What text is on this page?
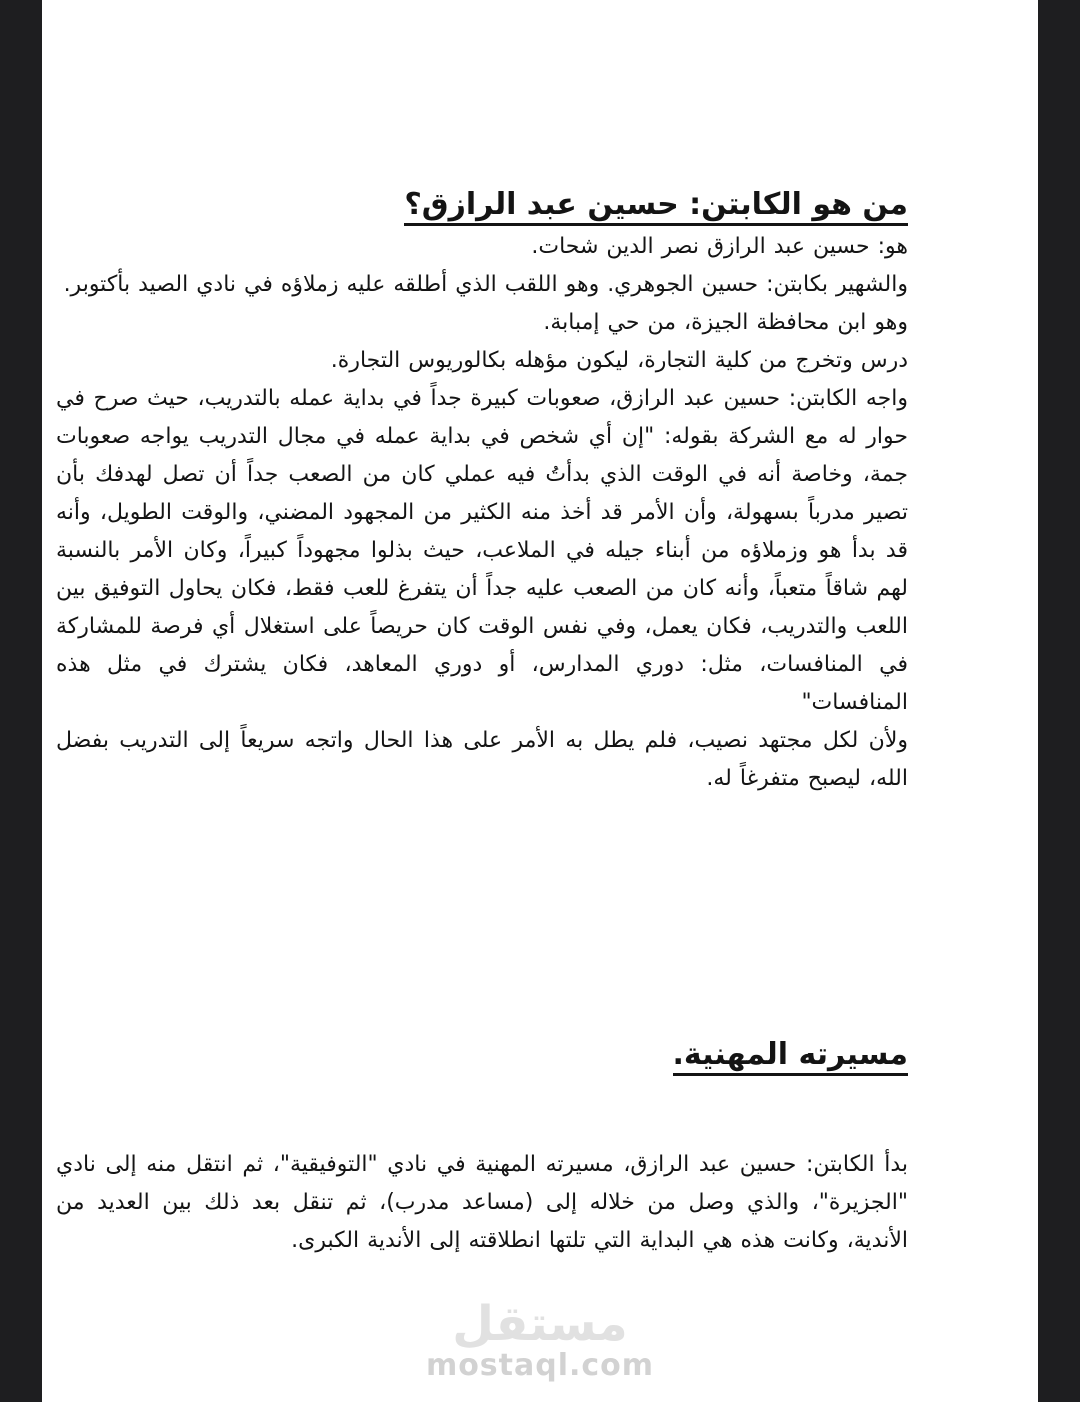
من هو الكابتن: حسين عبد الرازق؟

هو: حسين عبد الرازق نصر الدين شحات.

والشهير بكابتن: حسين الجوهري. وهو اللقب الذي أطلقه عليه زملاؤه في نادي الصيد بأكتوبر.

وهو ابن محافظة الجيزة، من حي إمبابة.

درس وتخرج من كلية التجارة، ليكون مؤهله بكالوريوس التجارة.

واجه الكابتن: حسين عبد الرازق، صعوبات كبيرة جداً في بداية عمله بالتدريب، حيث صرح في حوار له مع الشركة بقوله: "إن أي شخص في بداية عمله في مجال التدريب يواجه صعوبات جمة، وخاصة أنه في الوقت الذي بدأتُ فيه عملي كان من الصعب جداً أن تصل لهدفك بأن تصير مدرباً بسهولة، وأن الأمر قد أخذ منه الكثير من المجهود المضني، والوقت الطويل، وأنه قد بدأ هو وزملاؤه من أبناء جيله في الملاعب، حيث بذلوا مجهوداً كبيراً، وكان الأمر بالنسبة لهم شاقاً متعباً، وأنه كان من الصعب عليه جداً أن يتفرغ للعب فقط، فكان يحاول التوفيق بين اللعب والتدريب، فكان يعمل، وفي نفس الوقت كان حريصاً على استغلال أي فرصة للمشاركة في المنافسات، مثل: دوري المدارس، أو دوري المعاهد، فكان يشترك في مثل هذه المنافسات"

ولأن لكل مجتهد نصيب، فلم يطل به الأمر على هذا الحال واتجه سريعاً إلى التدريب بفضل الله، ليصبح متفرغاً له.

مسيرته المهنية.

بدأ الكابتن: حسين عبد الرازق، مسيرته المهنية في نادي "التوفيقية"، ثم انتقل منه إلى نادي "الجزيرة"، والذي وصل من خلاله إلى (مساعد مدرب)، ثم تنقل بعد ذلك بين العديد من الأندية، وكانت هذه هي البداية التي تلتها انطلاقته إلى الأندية الكبرى.

مستقل
mostaql.com
